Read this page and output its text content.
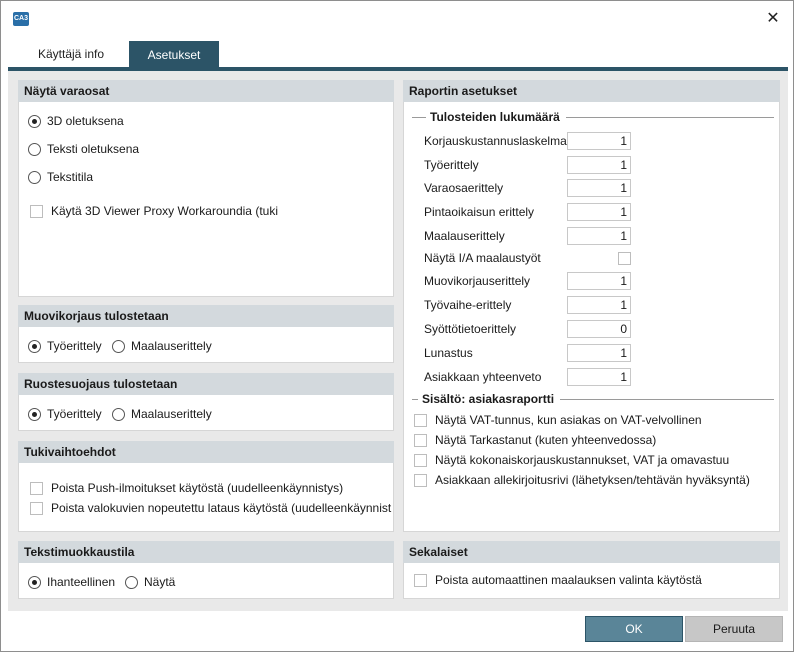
CA3	✕
Käyttäjä info	Asetukset
Näytä varaosat
3D oletuksena
Teksti oletuksena
Tekstitila
Käytä 3D Viewer Proxy Workaroundia (tuki
Muovikorjaus tulostetaan
Työerittely Maalauserittely
Ruostesuojaus tulostetaan
Työerittely Maalauserittely
Tukivaihtoehdot
Poista Push-ilmoitukset käytöstä (uudelleenkäynnistys)
Poista valokuvien nopeutettu lataus käytöstä (uudelleenkäynnist
Tekstimuokkaustila
Ihanteellinen Näytä
Raportin asetukset
Tulosteiden lukumäärä
Korjauskustannuslaskelma	1
Työerittely	1
Varaosaerittely	1
Pintaoikaisun erittely	1
Maalauserittely	1
Näytä I/A maalaustyöt
Muovikorjauserittely	1
Työvaihe-erittely	1
Syöttötietoerittely	0
Lunastus	1
Asiakkaan yhteenveto	1
Sisältö: asiakasraportti
Näytä VAT-tunnus, kun asiakas on VAT-velvollinen
Näytä Tarkastanut (kuten yhteenvedossa)
Näytä kokonaiskorjauskustannukset, VAT ja omavastuu
Asiakkaan allekirjoitusrivi (lähetyksen/tehtävän hyväksyntä)
Sekalaiset
Poista automaattinen maalauksen valinta käytöstä
OK	Peruuta
